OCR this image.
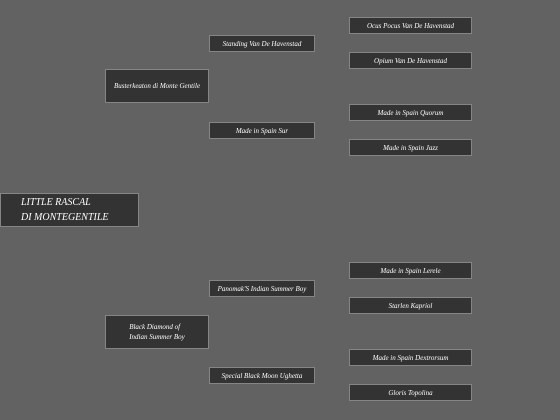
LITTLE RASCAL
DI MONTEGENTILE
Busterkeaton di Monte Gentile
Black Diamond of
Indian Summer Boy
Standing Van De Havenstad
Made in Spain Sur
Panomak'S Indian Summer Boy
Special Black Moon Ughetta
Ocus Pocus Van De Havenstad
Opium Van De Havenstad
Made in Spain Quorum
Made in Spain Jazz
Made in Spain Lerele
Starlen Kapriol
Made in Spain Dextrorsum
Gloris Topolina
